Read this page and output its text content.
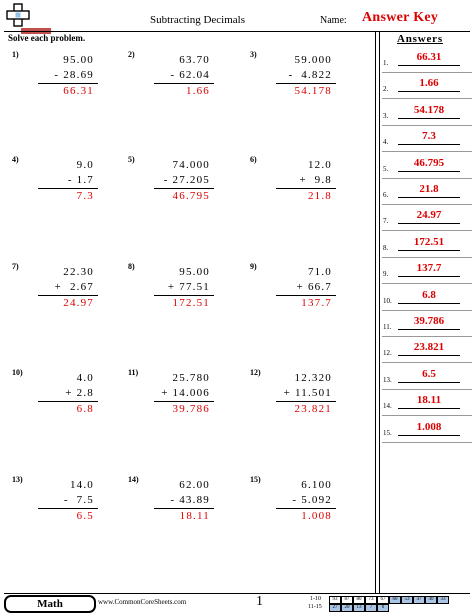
Subtracting Decimals	Name: Answer Key
Solve each problem.
1)	95.00
- 28.69
66.31
2)	63.70
- 62.04
1.66
3)	59.000
-  4.822
54.178
4)	9.0
- 1.7
7.3
5)	74.000
- 27.205
46.795
6)	12.0
+  9.8
21.8
7)	22.30
+  2.67
24.97
8)	95.00
+ 77.51
172.51
9)	71.0
+ 66.7
137.7
10)	4.0
+ 2.8
6.8
11)	25.780
+ 14.006
39.786
12)	12.320
+ 11.501
23.821
13)	14.0
-  7.5
6.5
14)	62.00
- 43.89
18.11
15)	6.100
- 5.092
1.008
Answers
1.	66.31
2.	1.66
3.	54.178
4.	7.3
5.	46.795
6.	21.8
7.	24.97
8.	172.51
9.	137.7
10.	6.8
11.	39.786
12.	23.821
13.	6.5
14.	18.11
15.	1.008
Math	www.CommonCoreSheets.com	1	1-10	93	87	80	73	67	60	53	47	40	33
11-15	27	20	13	7	0
